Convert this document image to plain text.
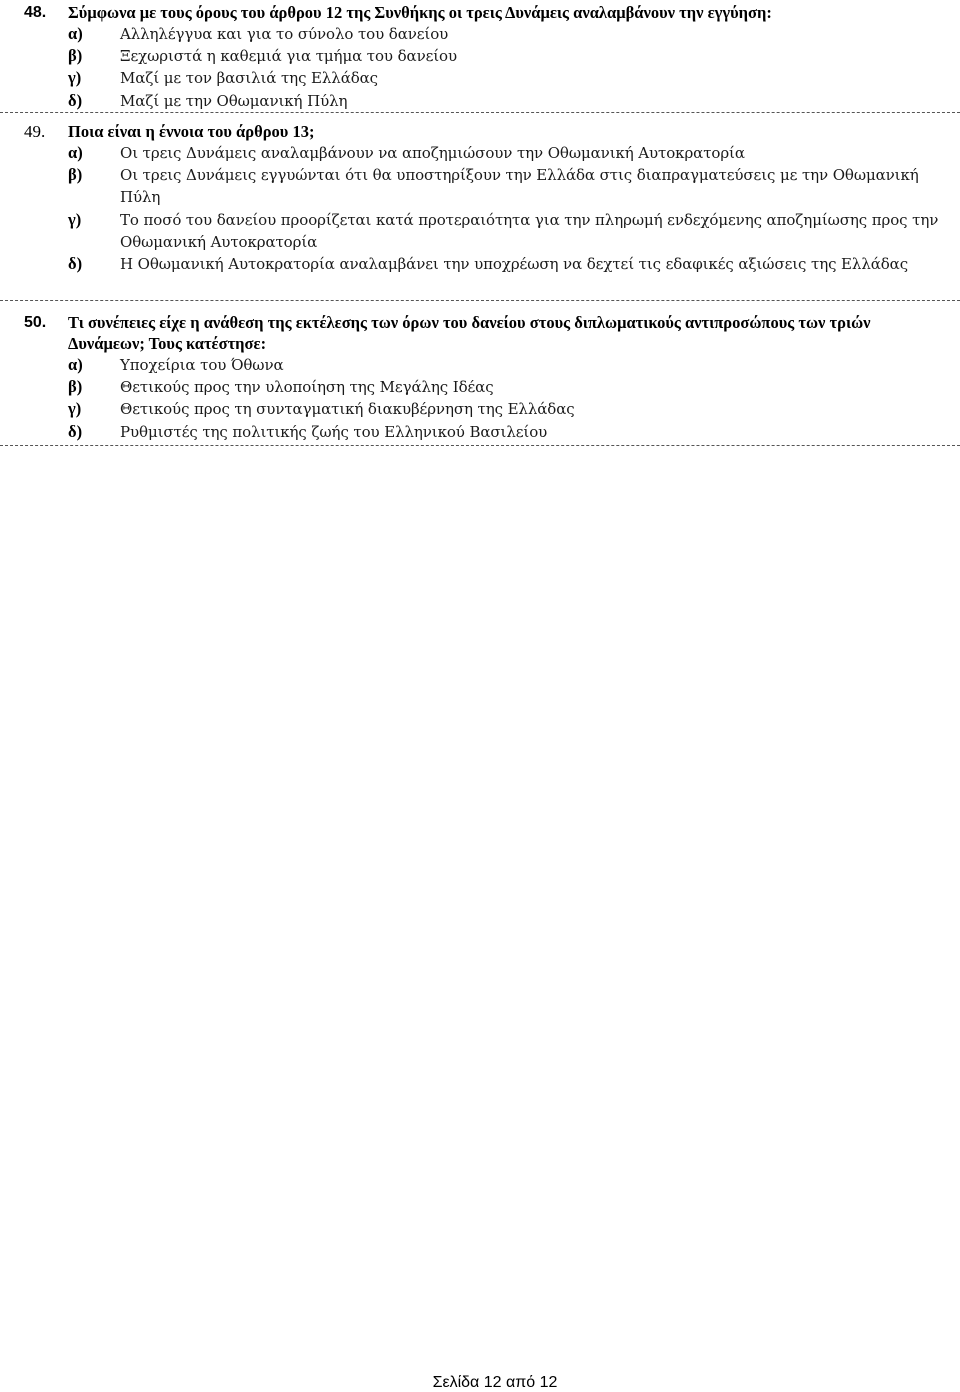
48.	Σύμφωνα με τους όρους του άρθρου 12 της Συνθήκης οι τρεις Δυνάμεις αναλαμβάνουν την εγγύηση:
α)	Αλληλέγγυα και για το σύνολο του δανείου
β)	Ξεχωριστά η καθεμιά για τμήμα του δανείου
γ)	Μαζί με τον βασιλιά της Ελλάδας
δ)	Μαζί με την Οθωμανική Πύλη
49.	Ποια είναι η έννοια του άρθρου 13;
α)	Οι τρεις Δυνάμεις αναλαμβάνουν να αποζημιώσουν την Οθωμανική Αυτοκρατορία
β)	Οι τρεις Δυνάμεις εγγυώνται ότι θα υποστηρίξουν την Ελλάδα στις διαπραγματεύσεις με την Οθωμανική Πύλη
γ)	Το ποσό του δανείου προορίζεται κατά προτεραιότητα για την πληρωμή ενδεχόμενης αποζημίωσης προς την Οθωμανική Αυτοκρατορία
δ)	Η Οθωμανική Αυτοκρατορία αναλαμβάνει την υποχρέωση να δεχτεί τις εδαφικές αξιώσεις της Ελλάδας
50.	Τι συνέπειες είχε η ανάθεση της εκτέλεσης των όρων του δανείου στους διπλωματικούς αντιπροσώπους των τριών Δυνάμεων; Τους κατέστησε:
α)	Υποχείρια του Όθωνα
β)	Θετικούς προς την υλοποίηση της Μεγάλης Ιδέας
γ)	Θετικούς προς τη συνταγματική διακυβέρνηση της Ελλάδας
δ)	Ρυθμιστές της πολιτικής ζωής του Ελληνικού Βασιλείου
Σελίδα 12 από 12
